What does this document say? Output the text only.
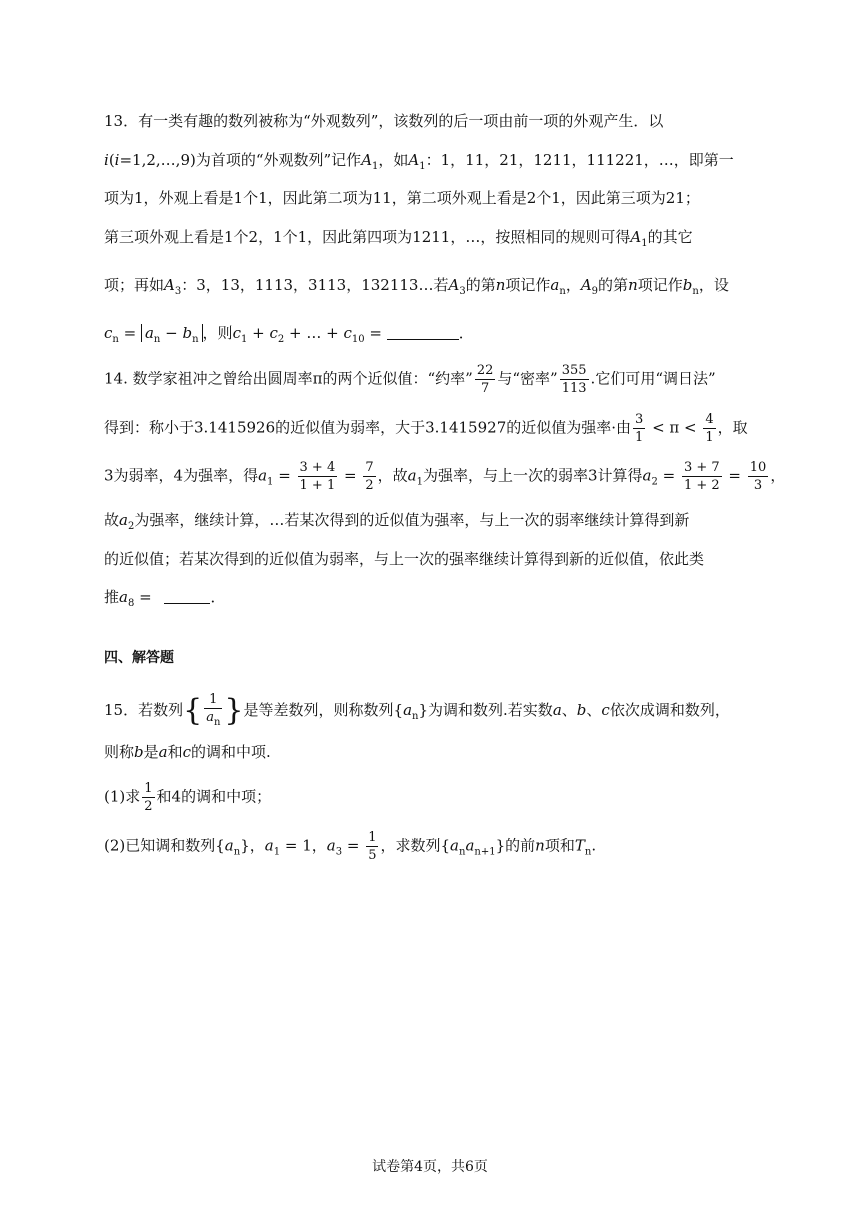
13．有一类有趣的数列被称为“外观数列”，该数列的后一项由前一项的外观产生．以
i(i=1,2,…,9)为首项的“外观数列”记作$A_1$，如$A_1$：1，11，21，1211，111221，…，即第一
项为1，外观上看是1个1，因此第二项为11，第二项外观上看是2个1，因此第三项为21；
第三项外观上看是1个2，1个1，因此第四项为1211，…，按照相同的规则可得$A_1$的其它
项；再如$A_3$：3，13，1113，3113，132113…若$A_3$的第n项记作$a_n$，$A_9$的第n项记作$b_n$，设
$c_n = a_n - b_n$ ，则$c_1 + c_2$ + … + $c_{10}$ =	．
14. 数学家祖冲之曾给出圆周率π的两个近似值：“约率” $\frac{22}{7}$ 与“密率” $\frac{355}{113}$ .它们可用“调日法”
得到：称小于3.1415926的近似值为弱率，大于3.1415927的近似值为强率·由 $\frac{3}{1} < \pi < \frac{4}{1}$ ，取
3为弱率，4为强率，得$a_1 = \frac{3 + 4}{1 + 1} = \frac{7}{2}$ ，故$a_1$为强率，与上一次的弱率3计算得$a_2 = \frac{3 + 7}{1 + 2} = \frac{10}{3}$ ，
故$a_2$为强率，继续计算，…若某次得到的近似值为强率，与上一次的弱率继续计算得到新
的近似值；若某次得到的近似值为弱率，与上一次的强率继续计算得到新的近似值，依此类
推$a_8$ =	．
四、解答题
15．若数列{ $\frac{1}{a_n}$ }是等差数列，则称数列$\{a_n\}$为调和数列.若实数a、b、c依次成调和数列，
则称b是a和c的调和中项.
(1)求 $\frac{1}{2}$ 和4的调和中项；
(2)已知调和数列$\{a_n\}$，$a_1 = 1$，$a_3 = \frac{1}{5}$ ，求数列$\{a_na_{n+1}\}$的前n项和$T_n$.
试卷第4页，共6页
